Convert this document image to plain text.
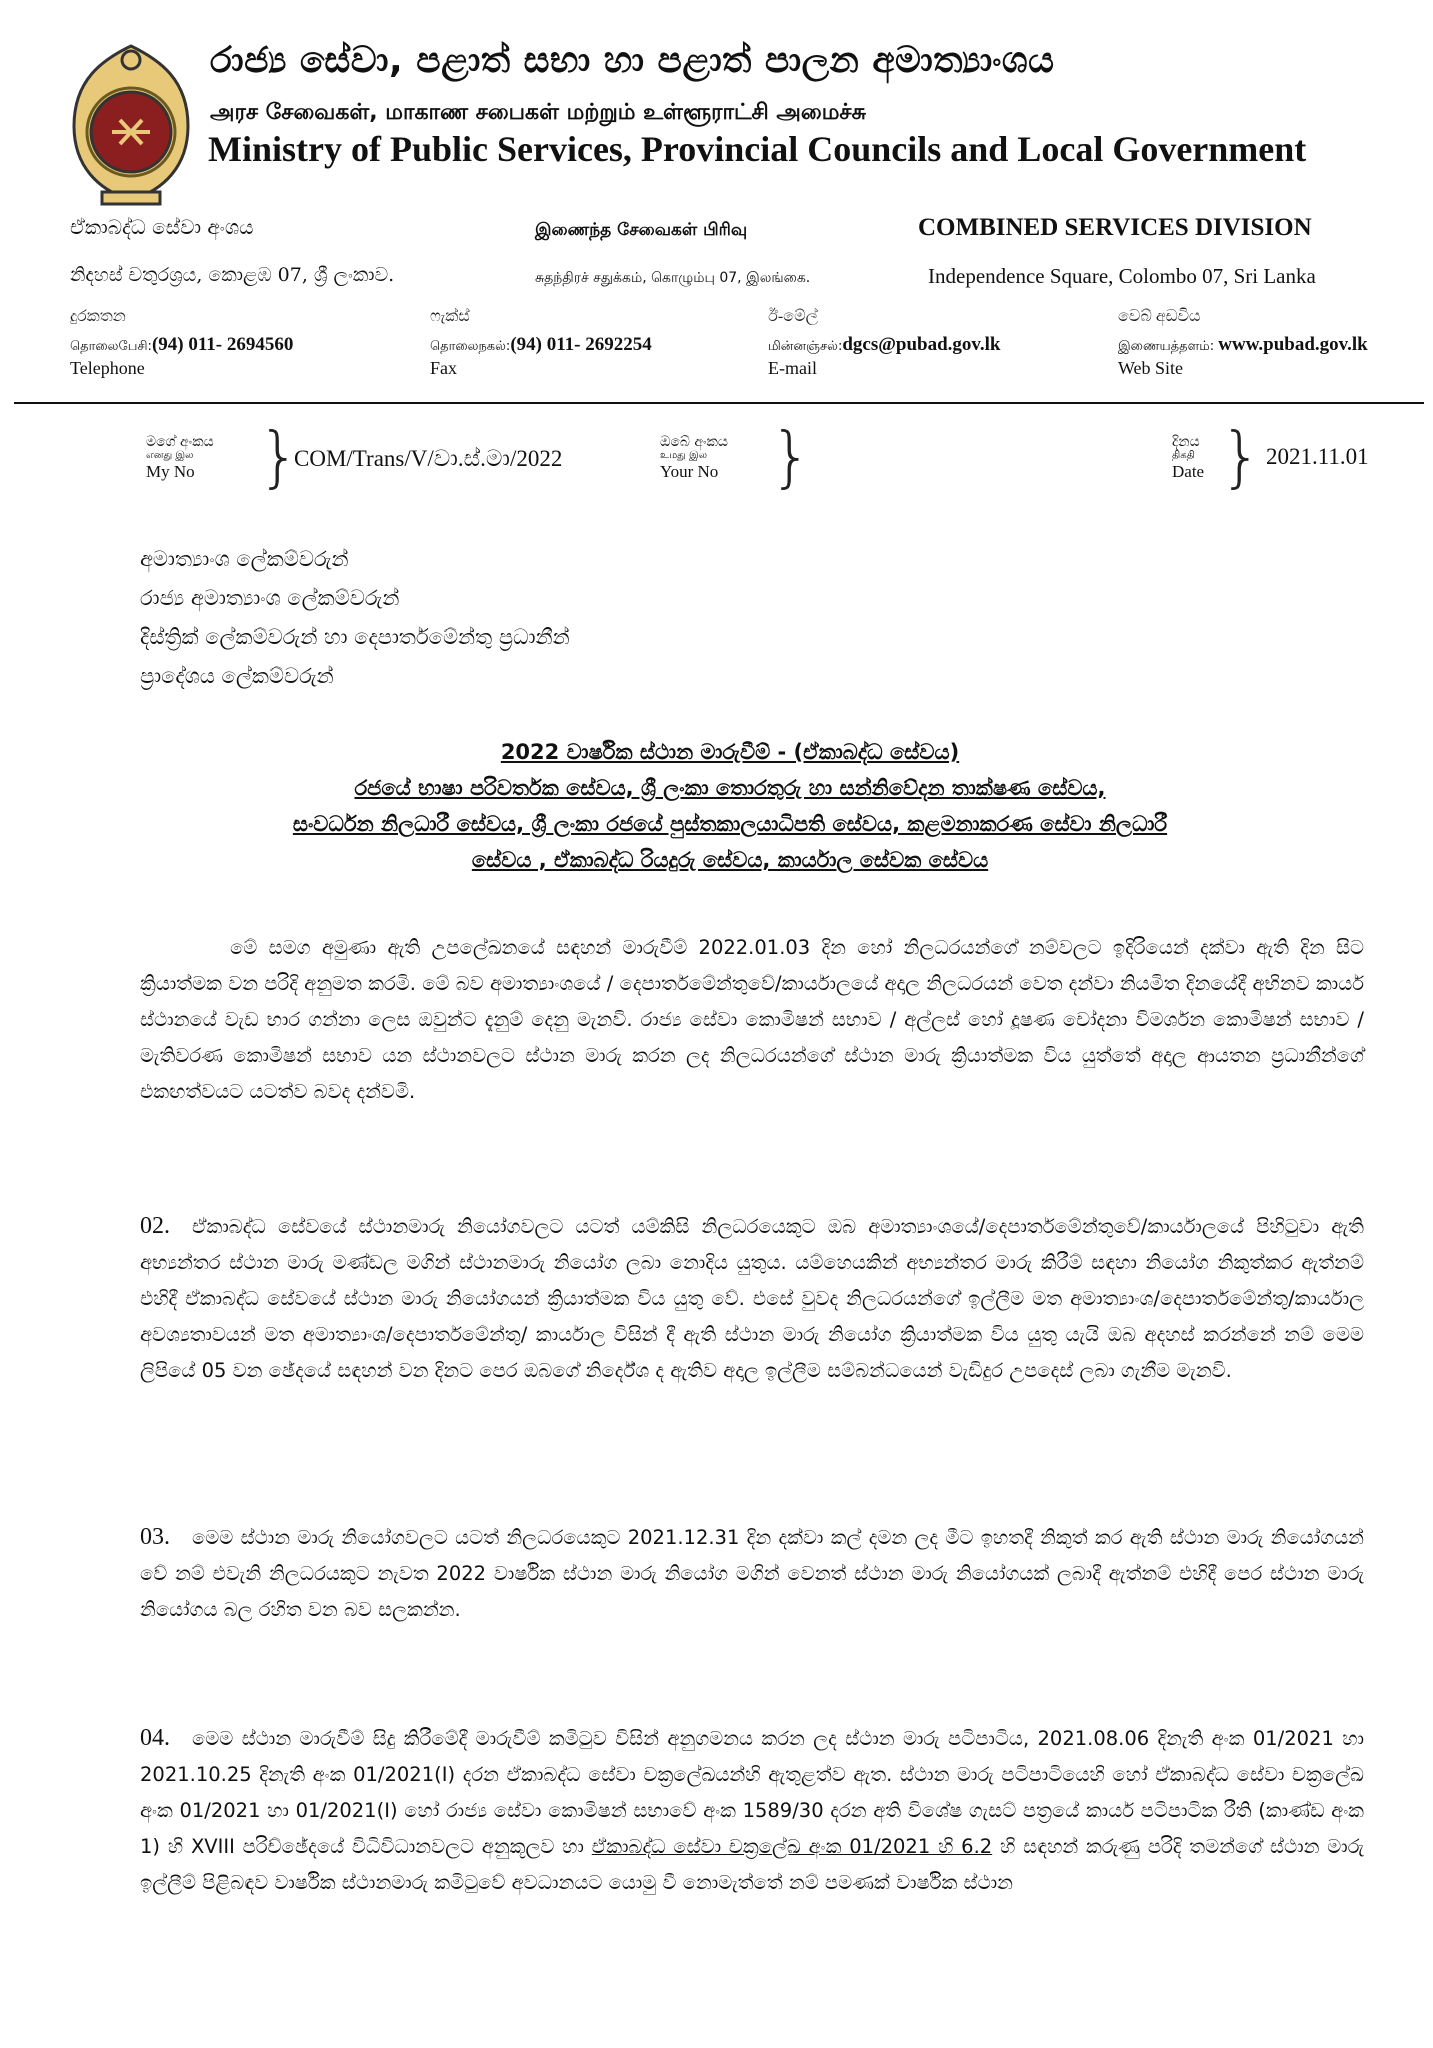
රාජ්‍ය සේවා, පළාත් සභා හා පළාත් පාලන අමාත්‍යාංශය
அரச சேவைகள், மாகாண சபைகள் மற்றும் உள்ளூராட்சி அமைச்சு
Ministry of Public Services, Provincial Councils and Local Government
ඒකාබද්ධ සේවා අංශය	இணைந்த சேவைகள் பிரிவு	COMBINED SERVICES DIVISION
නිදහස් චතුරශ්‍රය, කොළඹ 07, ශ්‍රී ලංකාව.	சுதந்திரச் சதுக்கம், கொழும்பு 07, இலங்கை.	Independence Square, Colombo 07, Sri Lanka
දුරකතන
தொலைபேசி:(94) 011- 2694560
Telephone
ෆැක්ස්
தொலைநகல்:(94) 011- 2692254
Fax
ඊ-මේල්
மின்னஞ்சல்:dgcs@pubad.gov.lk
E-mail
වෙබ් අඩවිය
இணையத்தளம்: www.pubad.gov.lk
Web Site
මගේ අංකය
எனது இல
My No }
COM/Trans/V/වා.ස්.මා/2022
ඔබේ අංකය
உமது இல
Your No }	දිනය
திகதி
Date } 2021.11.01
අමාත්‍යාංශ ලේකම්වරුන්
රාජ්‍ය අමාත්‍යාංශ ලේකම්වරුන්
දිස්ත්‍රික් ලේකම්වරුන් හා දෙපාර්තමේන්තු ප්‍රධානීන්
ප්‍රාදේශය ලේකම්වරුන්
2022 වාර්ෂික ස්ථාන මාරුවීම් - (ඒකාබද්ධ සේවය)
රජයේ භාෂා පරිවර්තක සේවය, ශ්‍රී ලංකා තොරතුරු හා සන්නිවේදන තාක්ෂණ සේවය,
සංවර්ධන නිලධාරී සේවය, ශ්‍රී ලංකා රජයේ පුස්තකාලයාධිපති සේවය, කළමනාකරණ සේවා නිලධාරී
සේවය , ඒකාබද්ධ රියදුරු සේවය, කාර්යාල සේවක සේවය

මේ සමග අමුණා ඇති උපලේඛනයේ සඳහන් මාරුවීම් 2022.01.03 දින හෝ නිලධරයන්ගේ නම්වලට ඉදිරියෙන් දක්වා ඇති දින සිට ක්‍රියාත්මක වන පරිදි අනුමත කරමි. මේ බව අමාත්‍යාංශයේ / දෙපාර්තමේන්තුවේ/කාර්යාලයේ අදාල නිලධරයන් වෙත දන්වා නියමිත දිනයේදී අභිනව කාර්ය ස්ථානයේ වැඩ භාර ගන්නා ලෙස ඔවුන්ට දැනුම් දෙනු මැනවි. රාජ්‍ය සේවා කොමිෂන් සභාව / අල්ලස් හෝ දූෂණ චෝදනා විමර්ශන කොමිෂන් සභාව / මැතිවරණ කොමිෂන් සභාව යන ස්ථානවලට ස්ථාන මාරු කරන ලද නිලධරයන්ගේ ස්ථාන මාරු ක්‍රියාත්මක විය යුත්තේ අදාල ආයතන ප්‍රධානීන්ගේ එකඟත්වයට යටත්ව බවද දන්වමි.

02. ඒකාබද්ධ සේවයේ ස්ථානමාරු නියෝගවලට යටත් යම්කිසි නිලධරයෙකුට ඔබ අමාත්‍යාංශයේ/දෙපාර්තමේන්තුවේ/කාර්යාලයේ පිහිටුවා ඇති අභ්‍යන්තර ස්ථාන මාරු මණ්ඩල මගින් ස්ථානමාරු නියෝග ලබා නොදිය යුතුය. යම්හෙයකින් අභ්‍යන්තර මාරු කිරීම් සඳහා නියෝග නිකුත්කර ඇත්නම් එහිදී ඒකාබද්ධ සේවයේ ස්ථාන මාරු නියෝගයන් ක්‍රියාත්මක විය යුතු වේ. එසේ වුවද නිලධරයන්ගේ ඉල්ලීම මත අමාත්‍යාංශ/දෙපාර්තමේන්තු/කාර්යාල අවශ්‍යතාවයන් මත අමාත්‍යාංශ/දෙපාර්තමේන්තු/ කාර්යාල විසින් දී ඇති ස්ථාන මාරු නියෝග ක්‍රියාත්මක විය යුතු යැයි ඔබ අදහස් කරන්නේ නම් මෙම ලිපියේ 05 වන ඡේදයේ සඳහන් වන දිනට පෙර ඔබගේ නිර්දේශ ද ඇතිව අදාල ඉල්ලීම සම්බන්ධයෙන් වැඩිදුර උපදෙස් ලබා ගැනීම මැනවි.

03. මෙම ස්ථාන මාරු නියෝගවලට යටත් නිලධරයෙකුට 2021.12.31 දින දක්වා කල් දමන ලද මීට ඉහතදී නිකුත් කර ඇති ස්ථාන මාරු නියෝගයන් වේ නම් එවැනි නිලධරයකුට නැවත 2022 වාර්ෂික ස්ථාන මාරු නියෝග මගින් වෙනත් ස්ථාන මාරු නියෝගයක් ලබාදී ඇත්නම් එහිදී පෙර ස්ථාන මාරු නියෝගය බල රහිත වන බව සලකන්න.

04. මෙම ස්ථාන මාරුවීම් සිදු කිරීමේදී මාරුවීම් කමිටුව විසින් අනුගමනය කරන ලද ස්ථාන මාරු පටිපාටිය, 2021.08.06 දිනැති අංක 01/2021 හා 2021.10.25 දිනැති අංක 01/2021(I) දරන ඒකාබද්ධ සේවා චක්‍රලේඛයන්හි ඇතුළත්ව ඇත. ස්ථාන මාරු පටිපාටියෙහි හෝ ඒකාබද්ධ සේවා චක්‍රලේඛ අංක 01/2021 හා 01/2021(I) හෝ රාජ්‍ය සේවා කොමිෂන් සභාවේ අංක 1589/30 දරන අති විශේෂ ගැසට් පත්‍රයේ කාර්ය පටිපාටික රීති (කාණ්ඩ අංක 1) හි XVIII පරිච්ඡේදයේ විධිවිධානවලට අනුකූලව හා ඒකාබද්ධ සේවා චක්‍රලේඛ අංක 01/2021 හි 6.2 හි සඳහන් කරුණු පරිදි තමන්ගේ ස්ථාන මාරු ඉල්ලීම් පිළිබඳව වාර්ෂික ස්ථානමාරු කමිටුවේ අවධානයට යොමු වී නොමැත්තේ නම් පමණක් වාර්ෂික ස්ථාන
